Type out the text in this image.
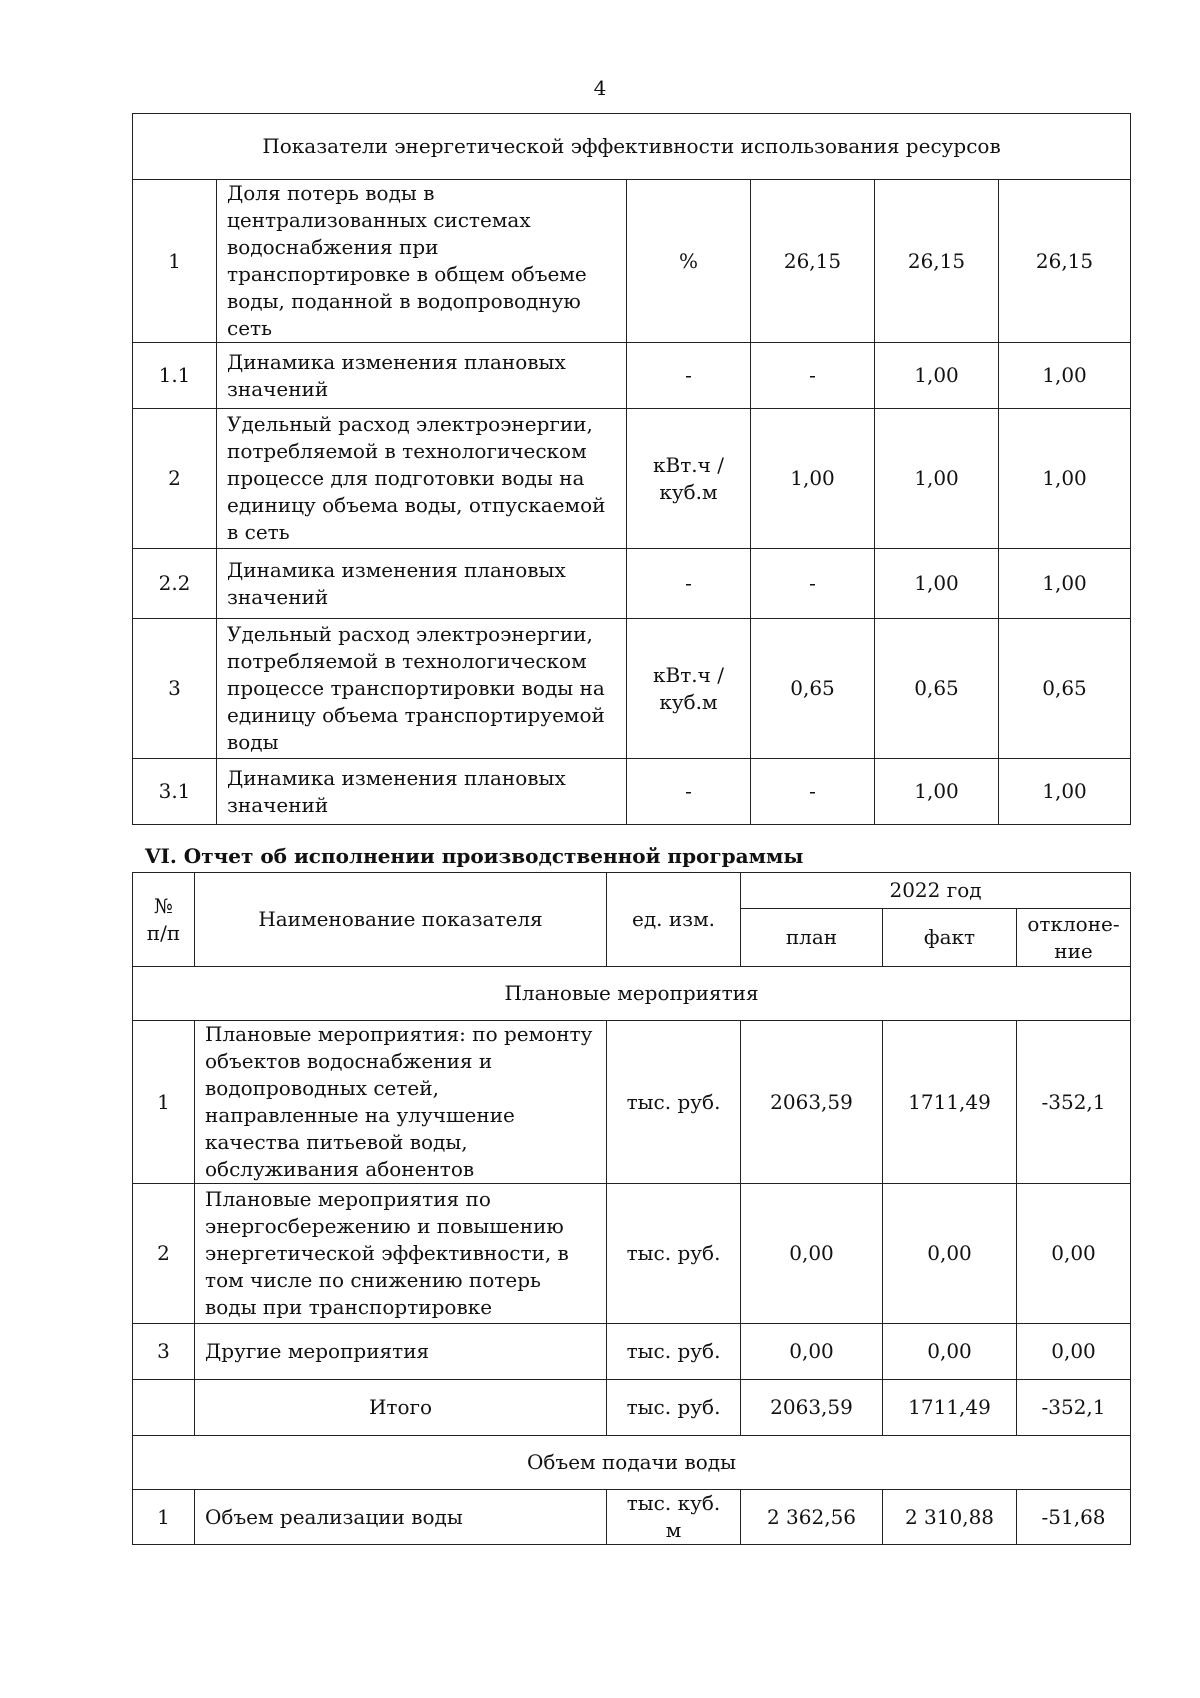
4
Показатели энергетической эффективности использования ресурсов					
1	Доля потерь воды в централизованных системах водоснабжения при транспортировке в общем объеме воды, поданной в водопроводную сеть	%	26,15	26,15	26,15
1.1	Динамика изменения плановых значений	-	-	1,00	1,00
2	Удельный расход электроэнергии, потребляемой в технологическом процессе для подготовки воды на единицу объема воды, отпускаемой в сеть	кВт.ч / куб.м	1,00	1,00	1,00
2.2	Динамика изменения плановых значений	-	-	1,00	1,00
3	Удельный расход электроэнергии, потребляемой в технологическом процессе транспортировки воды на единицу объема транспортируемой воды	кВт.ч / куб.м	0,65	0,65	0,65
3.1	Динамика изменения плановых значений	-	-	1,00	1,00
VI. Отчет об исполнении производственной программы
№ п/п	Наименование показателя	ед. изм.	2022 год		
			план	факт	отклоне-ние
Плановые мероприятия					
1	Плановые мероприятия: по ремонту объектов водоснабжения и водопроводных сетей, направленные на улучшение качества питьевой воды, обслуживания абонентов	тыс. руб.	2063,59	1711,49	-352,1
2	Плановые мероприятия по энергосбережению и повышению энергетической эффективности, в том числе по снижению потерь воды при транспортировке	тыс. руб.	0,00	0,00	0,00
3	Другие мероприятия	тыс. руб.	0,00	0,00	0,00
	Итого	тыс. руб.	2063,59	1711,49	-352,1
Объем подачи воды					
1	Объем реализации воды	тыс. куб. м	2 362,56	2 310,88	-51,68
